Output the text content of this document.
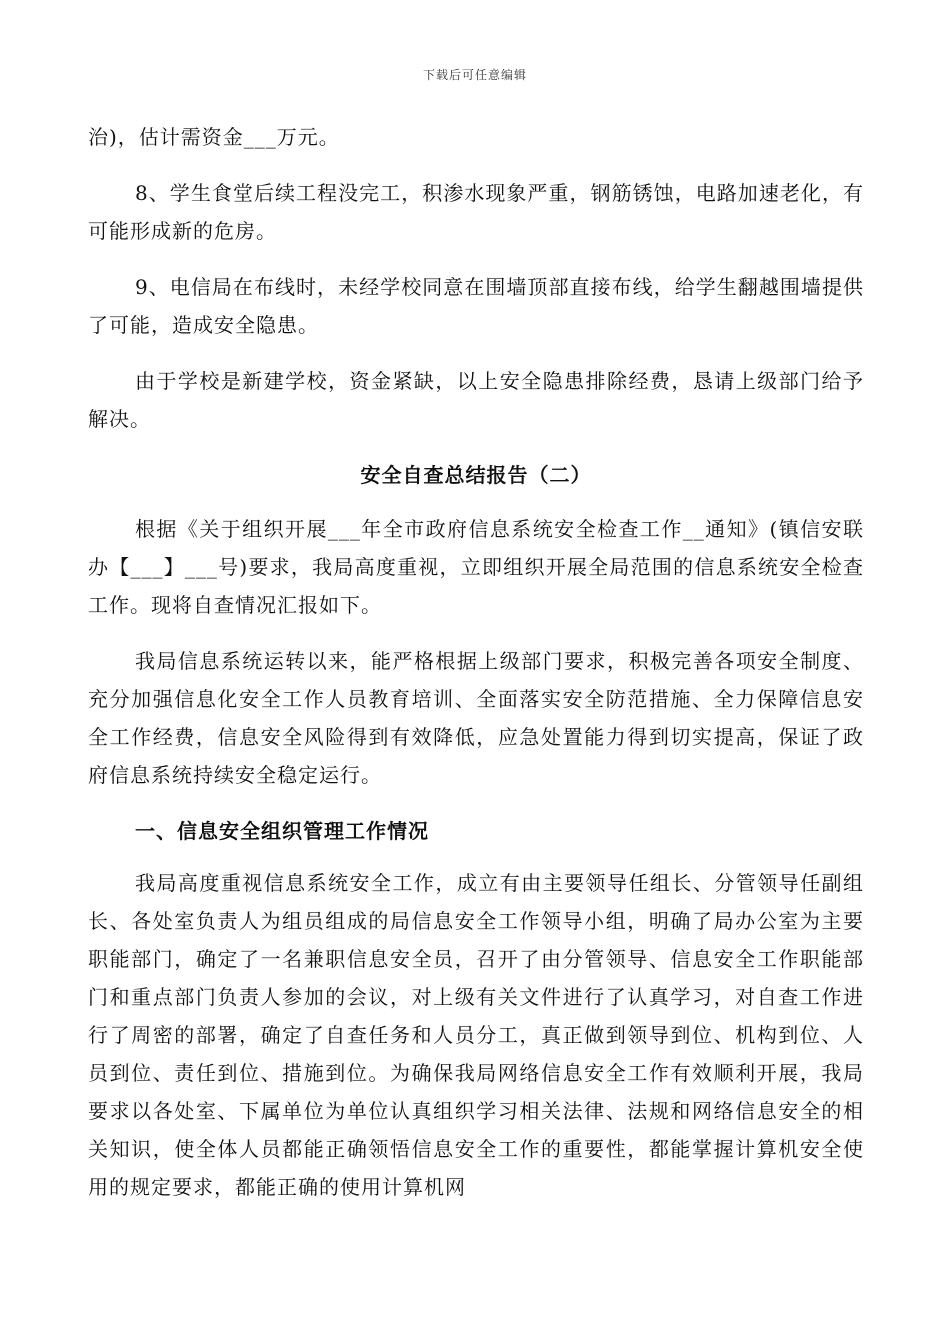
下载后可任意编辑

治)，估计需资金___万元。

8、学生食堂后续工程没完工，积渗水现象严重，钢筋锈蚀，电路加速老化，有可能形成新的危房。

9、电信局在布线时，未经学校同意在围墙顶部直接布线，给学生翻越围墙提供了可能，造成安全隐患。

由于学校是新建学校，资金紧缺，以上安全隐患排除经费，恳请上级部门给予解决。

安全自查总结报告（二）

根据《关于组织开展___年全市政府信息系统安全检查工作__通知》(镇信安联办【___】___号)要求，我局高度重视，立即组织开展全局范围的信息系统安全检查工作。现将自查情况汇报如下。

我局信息系统运转以来，能严格根据上级部门要求，积极完善各项安全制度、充分加强信息化安全工作人员教育培训、全面落实安全防范措施、全力保障信息安全工作经费，信息安全风险得到有效降低，应急处置能力得到切实提高，保证了政府信息系统持续安全稳定运行。

一、信息安全组织管理工作情况

我局高度重视信息系统安全工作，成立有由主要领导任组长、分管领导任副组长、各处室负责人为组员组成的局信息安全工作领导小组，明确了局办公室为主要职能部门，确定了一名兼职信息安全员，召开了由分管领导、信息安全工作职能部门和重点部门负责人参加的会议，对上级有关文件进行了认真学习，对自查工作进行了周密的部署，确定了自查任务和人员分工，真正做到领导到位、机构到位、人员到位、责任到位、措施到位。为确保我局网络信息安全工作有效顺利开展，我局要求以各处室、下属单位为单位认真组织学习相关法律、法规和网络信息安全的相关知识，使全体人员都能正确领悟信息安全工作的重要性，都能掌握计算机安全使用的规定要求，都能正确的使用计算机网
